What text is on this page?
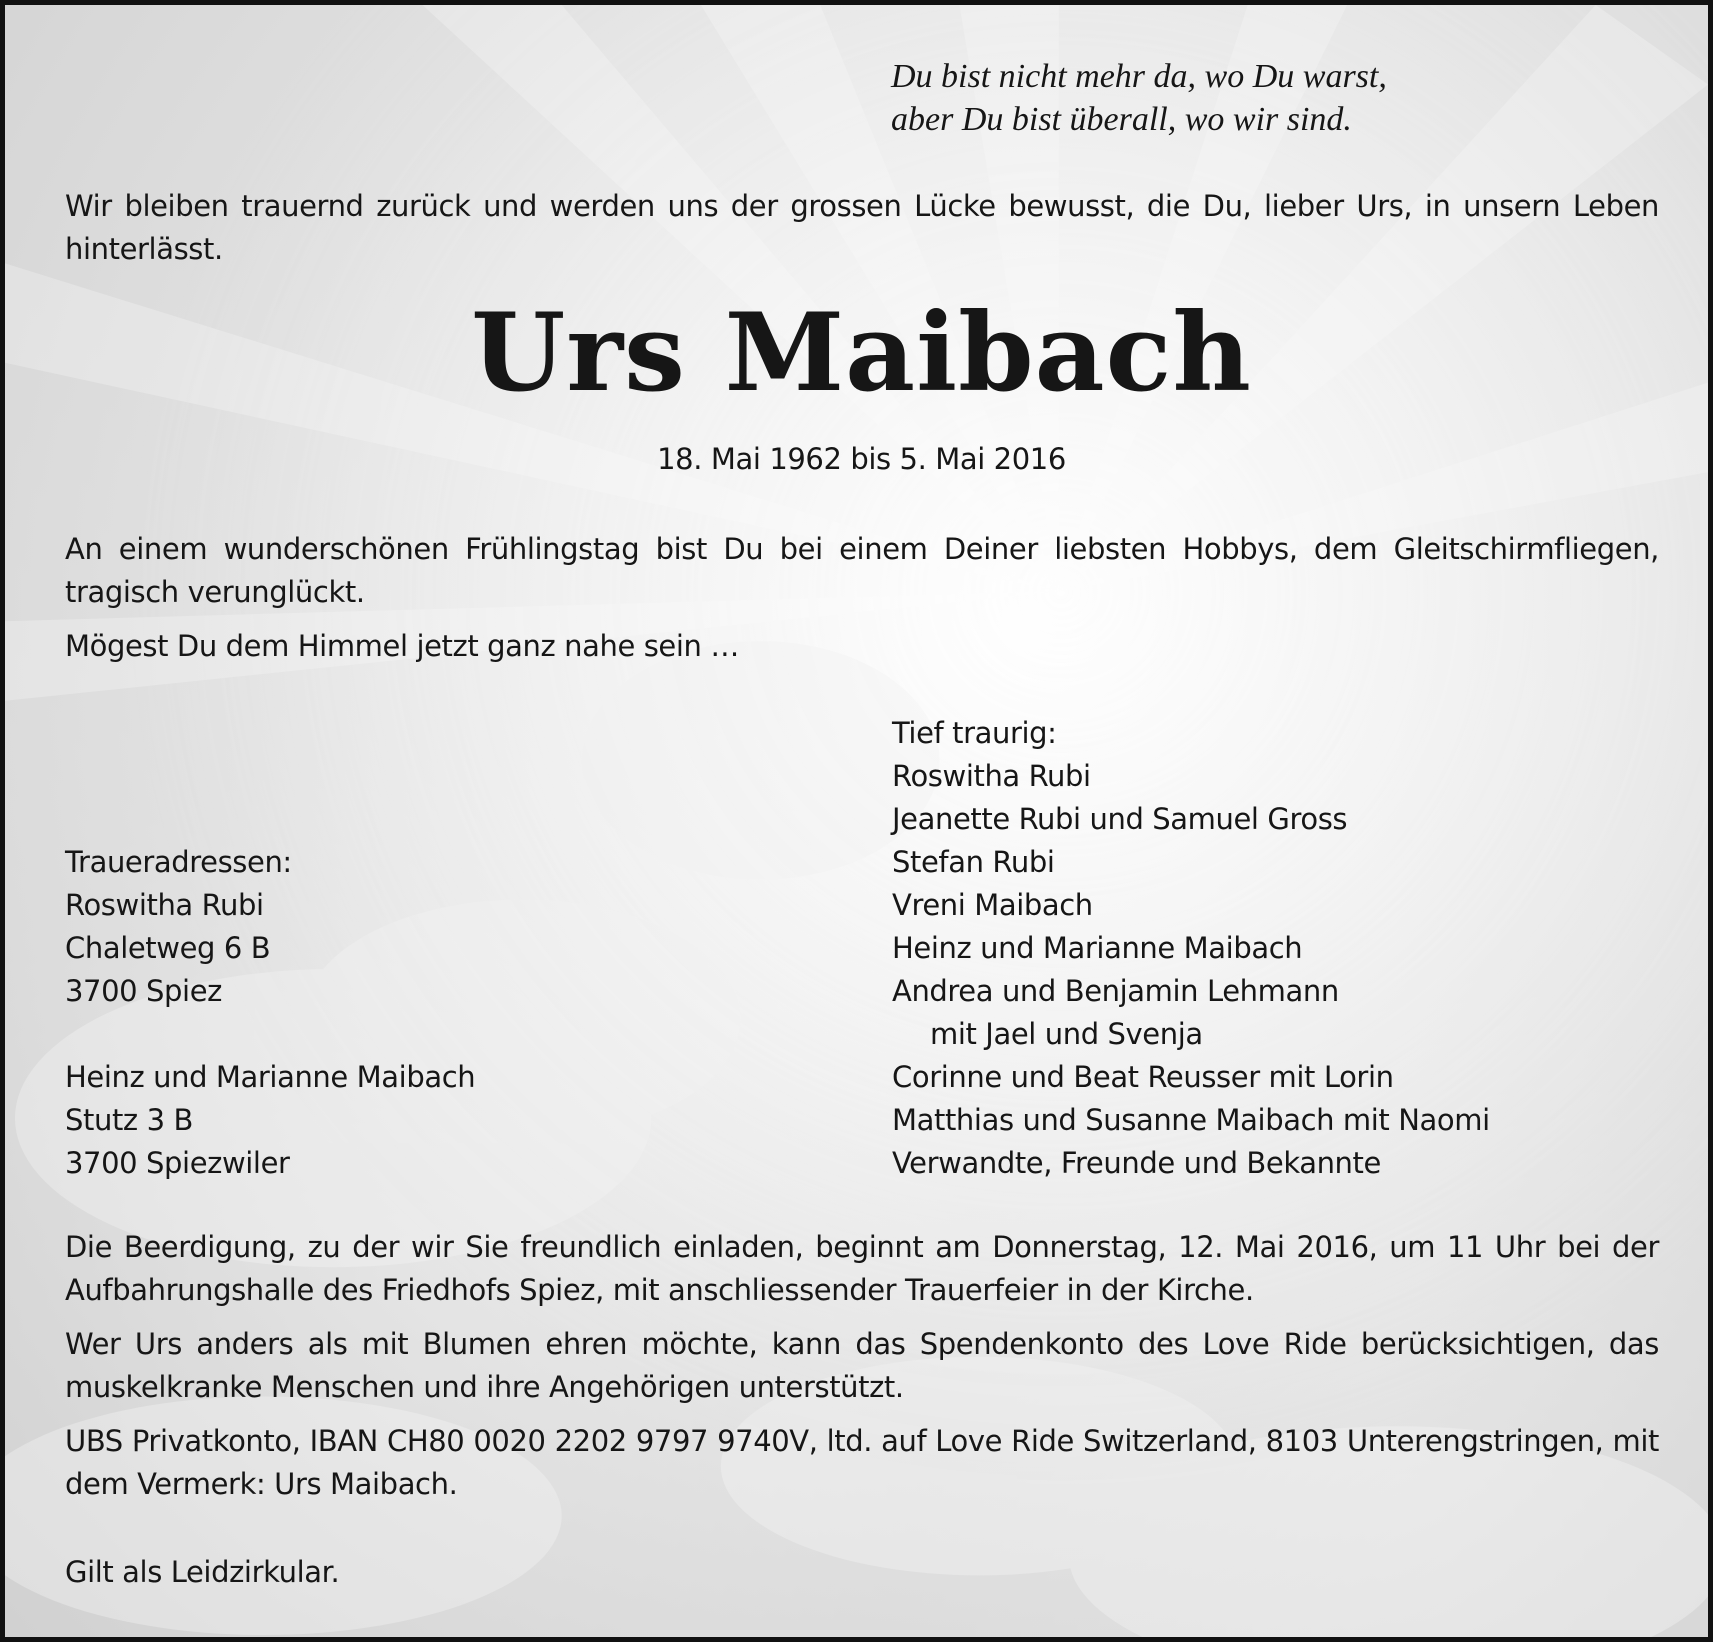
Du bist nicht mehr da, wo Du warst,
aber Du bist überall, wo wir sind.

Wir bleiben trauernd zurück und werden uns der grossen Lücke bewusst, die Du, lieber Urs, in unsern Leben hinterlässt.

Urs Maibach

18. Mai 1962 bis 5. Mai 2016

An einem wunderschönen Frühlingstag bist Du bei einem Deiner liebsten Hobbys, dem Gleitschirmfliegen, tragisch verunglückt.

Mögest Du dem Himmel jetzt ganz nahe sein …

Tief traurig:
Roswitha Rubi
Jeanette Rubi und Samuel Gross
Stefan Rubi
Vreni Maibach
Heinz und Marianne Maibach
Andrea und Benjamin Lehmann
mit Jael und Svenja
Corinne und Beat Reusser mit Lorin
Matthias und Susanne Maibach mit Naomi
Verwandte, Freunde und Bekannte
Traueradressen:
Roswitha Rubi
Chaletweg 6 B
3700 Spiez
Heinz und Marianne Maibach
Stutz 3 B
3700 Spiezwiler

Die Beerdigung, zu der wir Sie freundlich einladen, beginnt am Donnerstag, 12. Mai 2016, um 11 Uhr bei der Aufbahrungshalle des Friedhofs Spiez, mit anschliessender Trauerfeier in der Kirche.

Wer Urs anders als mit Blumen ehren möchte, kann das Spendenkonto des Love Ride berücksichtigen, das muskelkranke Menschen und ihre Angehörigen unterstützt.

UBS Privatkonto, IBAN CH80 0020 2202 9797 9740V, ltd. auf Love Ride Switzerland, 8103 Unterengstringen, mit dem Vermerk: Urs Maibach.

Gilt als Leidzirkular.
